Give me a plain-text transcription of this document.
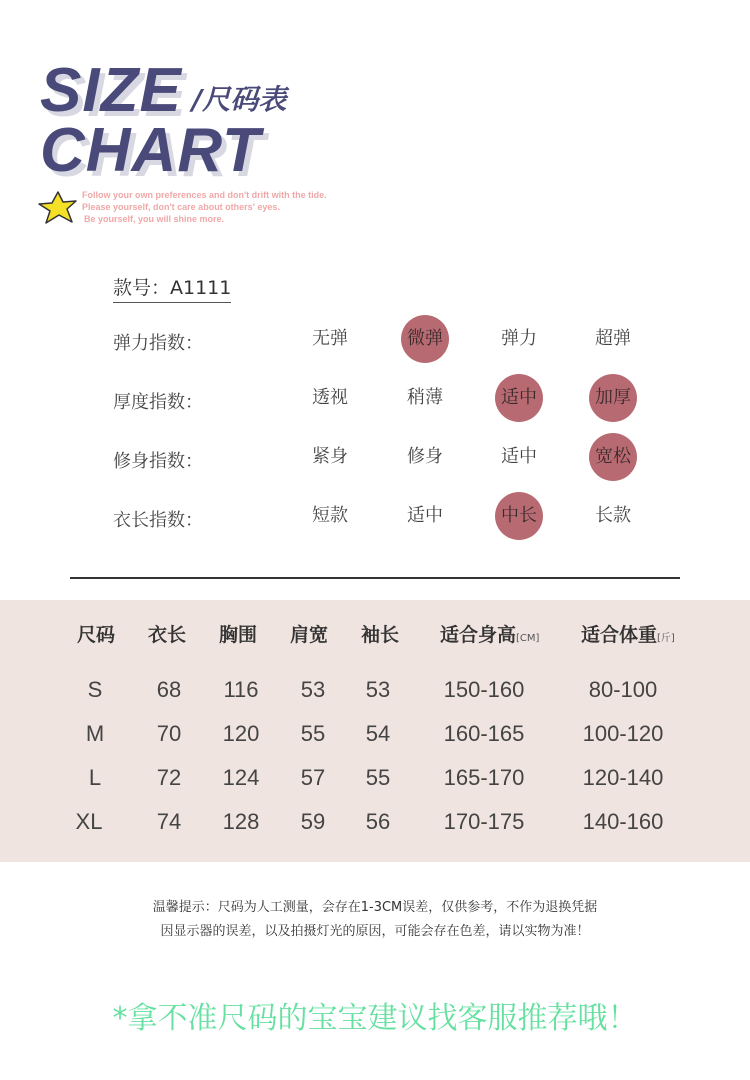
SIZE
CHART
/尺码表
Follow your own preferences and don't drift with the tide.
Please yourself, don't care about others' eyes.
Be yourself, you will shine more.
款号：A1111
弹力指数：	无弹	微弹	弹力	超弹
厚度指数：	透视	稍薄	适中	加厚
修身指数：	紧身	修身	适中	宽松
衣长指数：	短款	适中	中长	长款
尺码 衣长 胸围 肩宽 袖长 适合身高[CM] 适合体重[斤]
S	68	116	53	53	150-160	80-100
M	70	120	55	54	160-165	100-120
L	72	124	57	55	165-170	120-140
XL	74	128	59	56	170-175	140-160
温馨提示：尺码为人工测量，会存在1-3CM误差，仅供参考，不作为退换凭据
因显示器的误差，以及拍摄灯光的原因，可能会存在色差，请以实物为准！
*拿不准尺码的宝宝建议找客服推荐哦！
